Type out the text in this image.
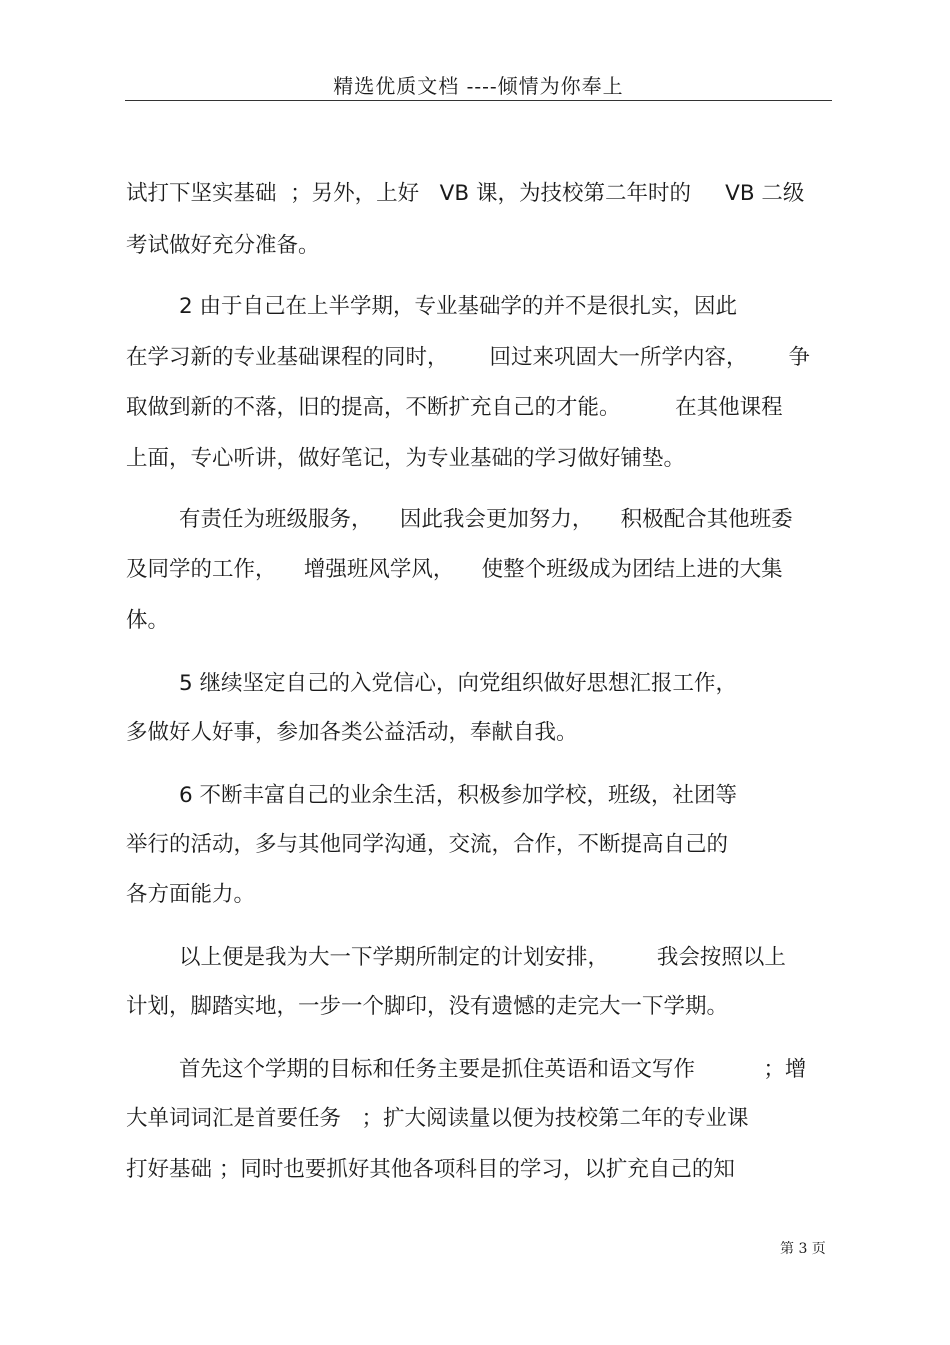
精选优质文档 ----倾情为你奉上
试打下坚实基础  ；另外，上好   VB 课，为技校第二年时的     VB 二级
考试做好充分准备。
2 由于自己在上半学期，专业基础学的并不是很扎实，因此
在学习新的专业基础课程的同时，      回过来巩固大一所学内容，      争
取做到新的不落，旧的提高，不断扩充自己的才能。        在其他课程
上面，专心听讲，做好笔记，为专业基础的学习做好铺垫。
有责任为班级服务，    因此我会更加努力，    积极配合其他班委
及同学的工作，    增强班风学风，    使整个班级成为团结上进的大集
体。
5 继续坚定自己的入党信心，向党组织做好思想汇报工作，
多做好人好事，参加各类公益活动，奉献自我。
6 不断丰富自己的业余生活，积极参加学校，班级，社团等
举行的活动，多与其他同学沟通，交流，合作，不断提高自己的
各方面能力。
以上便是我为大一下学期所制定的计划安排，       我会按照以上
计划，脚踏实地，一步一个脚印，没有遗憾的走完大一下学期。
首先这个学期的目标和任务主要是抓住英语和语文写作          ；增
大单词词汇是首要任务   ；扩大阅读量以便为技校第二年的专业课
打好基础 ；同时也要抓好其他各项科目的学习，以扩充自己的知
第 3 页
